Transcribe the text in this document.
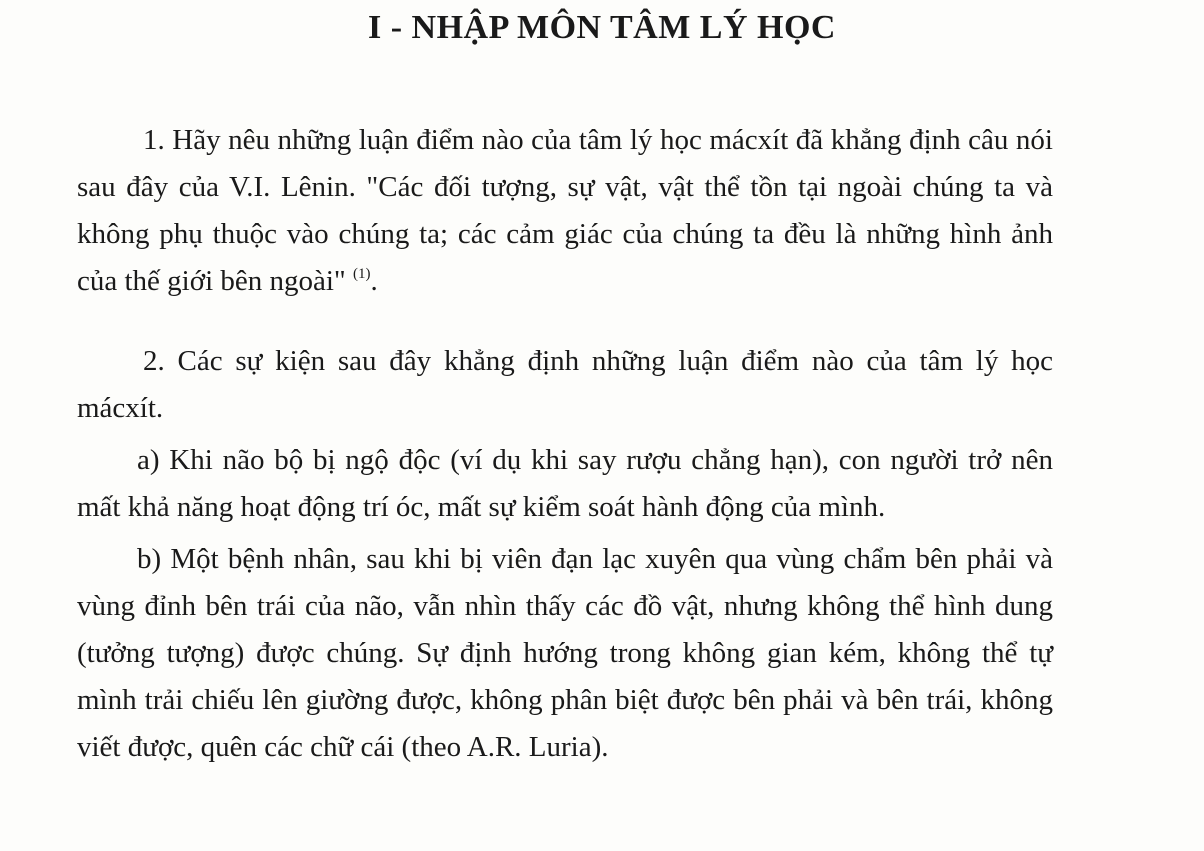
I - NHẬP MÔN TÂM LÝ HỌC

1. Hãy nêu những luận điểm nào của tâm lý học mácxít đã khẳng định câu nói sau đây của V.I. Lênin. "Các đối tượng, sự vật, vật thể tồn tại ngoài chúng ta và không phụ thuộc vào chúng ta; các cảm giác của chúng ta đều là những hình ảnh của thế giới bên ngoài" $^{(1)}$.

2. Các sự kiện sau đây khẳng định những luận điểm nào của tâm lý học mácxít.

a) Khi não bộ bị ngộ độc (ví dụ khi say rượu chẳng hạn), con người trở nên mất khả năng hoạt động trí óc, mất sự kiểm soát hành động của mình.

b) Một bệnh nhân, sau khi bị viên đạn lạc xuyên qua vùng chẩm bên phải và vùng đỉnh bên trái của não, vẫn nhìn thấy các đồ vật, nhưng không thể hình dung (tưởng tượng) được chúng. Sự định hướng trong không gian kém, không thể tự mình trải chiếu lên giường được, không phân biệt được bên phải và bên trái, không viết được, quên các chữ cái (theo A.R. Luria).
